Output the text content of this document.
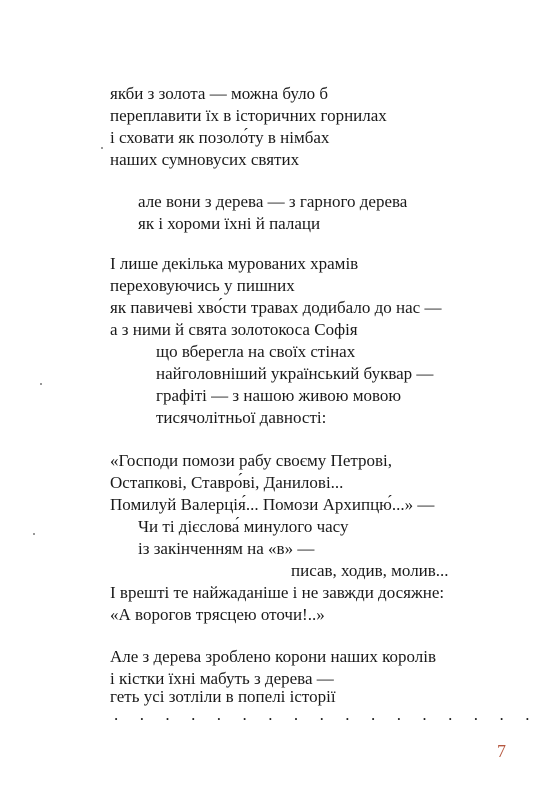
якби з золота — можна було б
переплавити їх в історичних горнилах
і сховати як позоло́ту в німбах
наших сумновусих святих
але вони з дерева — з гарного дерева
як і хороми їхні й палаци
І лише декілька мурованих храмів
переховуючись у пишних
як павичеві хво́сти травах додибало до нас —
а з ними й свята золотокоса Софія
що вберегла на своїх стінах
найголовніший український буквар —
графіті — з нашою живою мовою
тисячолітньої давності:
«Господи помози рабу своєму Петрові,
Остапкові, Ставро́ві, Данилові...
Помилуй Валерція́... Помози Архипцю́...» —
Чи ті дієслова́ минулого часу
із закінченням на «в» —
писав, ходив, молив...
І врешті те найжаданіше і не завжди досяжне:
«А ворогов трясцею оточи!..»
Але з дерева зроблено корони наших королів
і кістки їхні мабуть з дерева —
геть усі зотліли в попелі історії
. . . . . . . . . . . . . . . . .
7
